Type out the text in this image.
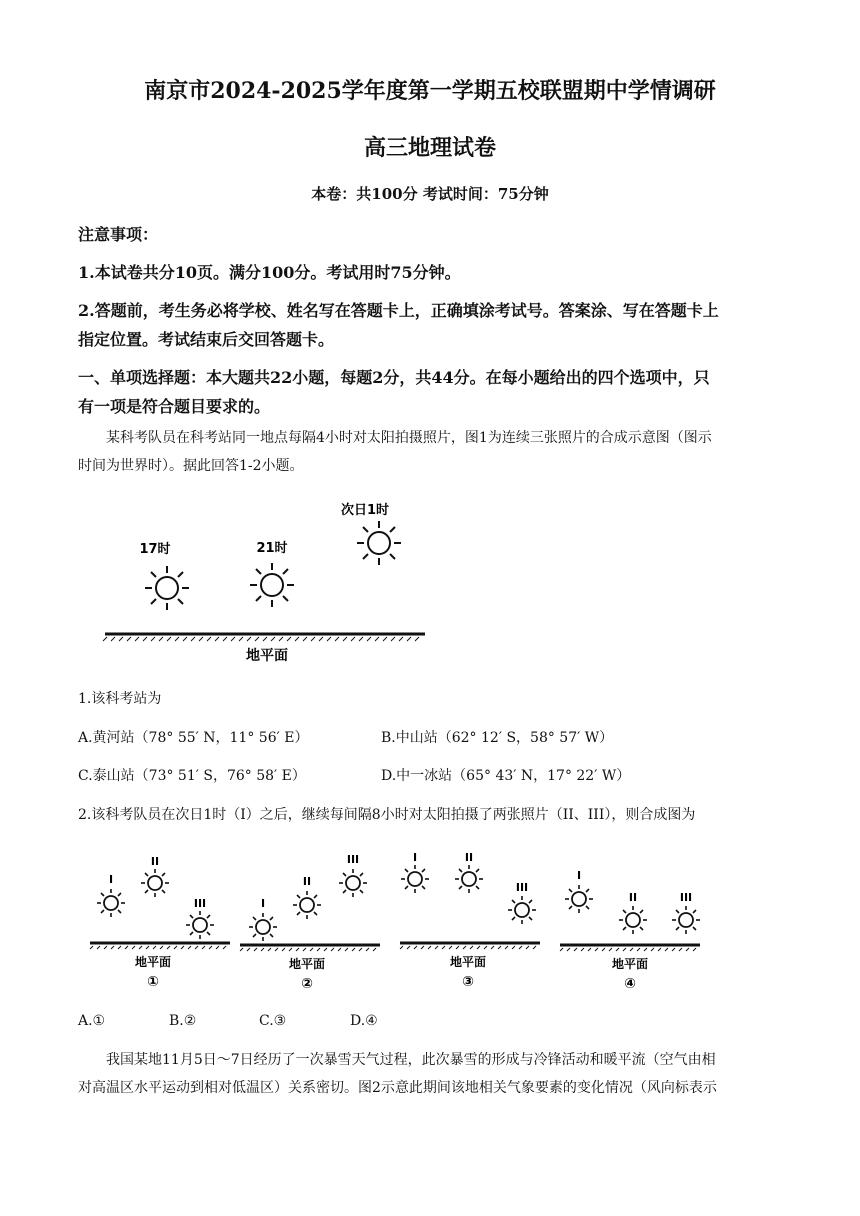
南京市2024-2025学年度第一学期五校联盟期中学情调研
高三地理试卷
本卷：共100分 考试时间：75分钟
注意事项：
1.本试卷共分10页。满分100分。考试用时75分钟。
2.答题前，考生务必将学校、姓名写在答题卡上，正确填涂考试号。答案涂、写在答题卡上
指定位置。考试结束后交回答题卡。
一、单项选择题：本大题共22小题，每题2分，共44分。在每小题给出的四个选项中，只
有一项是符合题目要求的。
某科考队员在科考站同一地点每隔4小时对太阳拍摄照片，图1为连续三张照片的合成示意图（图示
时间为世界时）。据此回答1-2小题。
17时	21时
次日1时
地平面
1.该科考站为
A.黄河站（78° 55′ N，11° 56′ E）	B.中山站（62° 12′ S，58° 57′ W）
C.泰山站（73° 51′ S，76° 58′ E）	D.中一冰站（65° 43′ N，17° 22′ W）
2.该科考队员在次日1时（I）之后，继续每间隔8小时对太阳拍摄了两张照片（II、III），则合成图为
I
II
III
地平面
①
I
II
III
地平面
②
I	II
III
地平面
③
I
II	III
地平面
④
A.①	B.②	C.③	D.④
我国某地11月5日～7日经历了一次暴雪天气过程，此次暴雪的形成与冷锋活动和暖平流（空气由相
对高温区水平运动到相对低温区）关系密切。图2示意此期间该地相关气象要素的变化情况（风向标表示
